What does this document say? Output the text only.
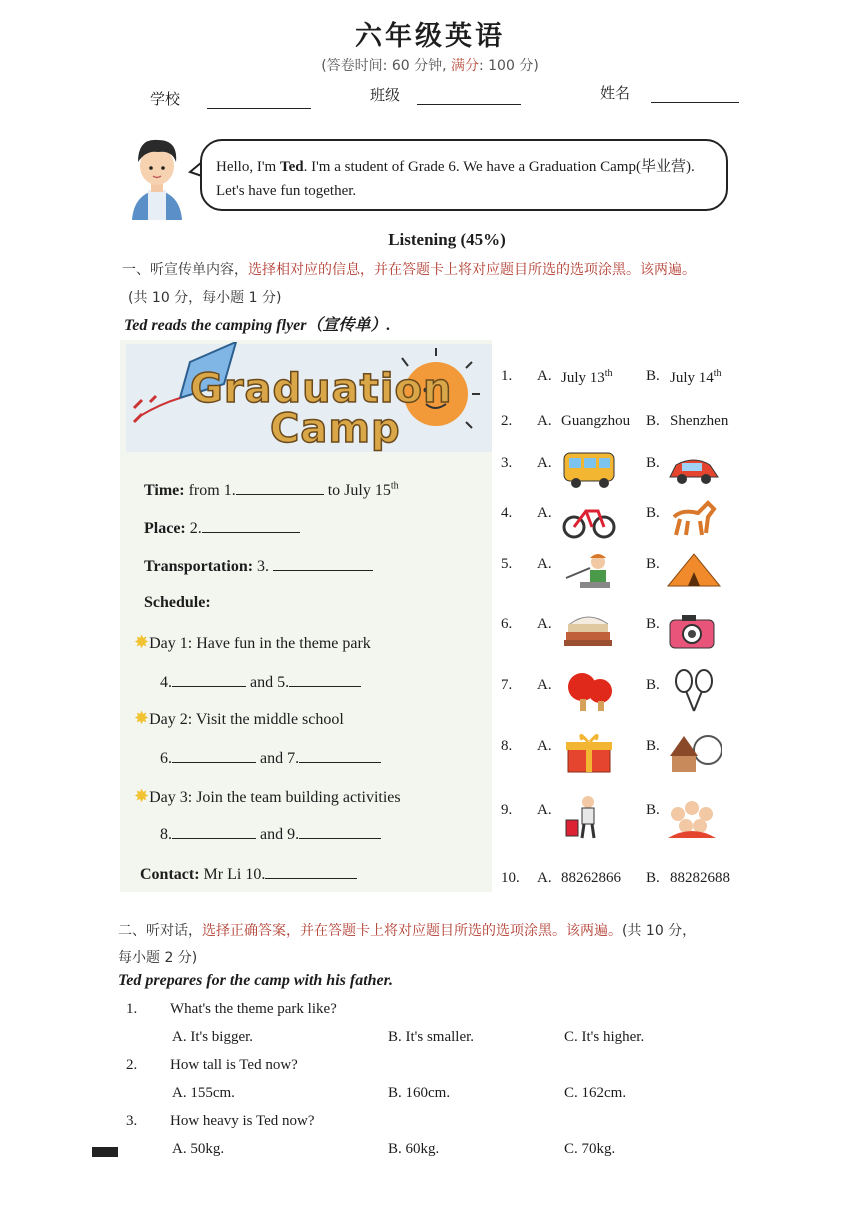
六年级英语
(答卷时间: 60 分钟, 满分: 100 分)
学校	班级	姓名
Hello, I'm Ted. I'm a student of Grade 6. We have a Graduation Camp(毕业营).
Let's have fun together.
Listening (45%)
一、听宣传单内容，选择相对应的信息，并在答题卡上将对应题目所选的选项涂黑。该两遍。
(共 10 分，每小题 1 分)
Ted reads the camping flyer（宣传单）.
Graduation
Camp
Time: from 1.	to July 15th
Place: 2.
Transportation: 3.
Schedule:
✸Day 1: Have fun in the theme park
4.	and 5.
✸Day 2: Visit the middle school
6.	and 7.
✸Day 3: Join the team building activities
8.	and 9.
Contact: Mr Li 10.
1. A. July 13th B. July 14th
2. A. Guangzhou B. Shenzhen
3. A.	B.
4. A.	B.
5. A.	B.
6. A.	B.
7. A.	B.
8. A.	B.
9. A.	B.
10. A. 88262866 B. 88282688
二、听对话，选择正确答案，并在答题卡上将对应题目所选的选项涂黑。该两遍。(共 10 分，
每小题 2 分)
Ted prepares for the camp with his father.
1. What's the theme park like?
A. It's bigger.	B. It's smaller.	C. It's higher.
2. How tall is Ted now?
A. 155cm.	B. 160cm.	C. 162cm.
3. How heavy is Ted now?
A. 50kg.	B. 60kg.	C. 70kg.
